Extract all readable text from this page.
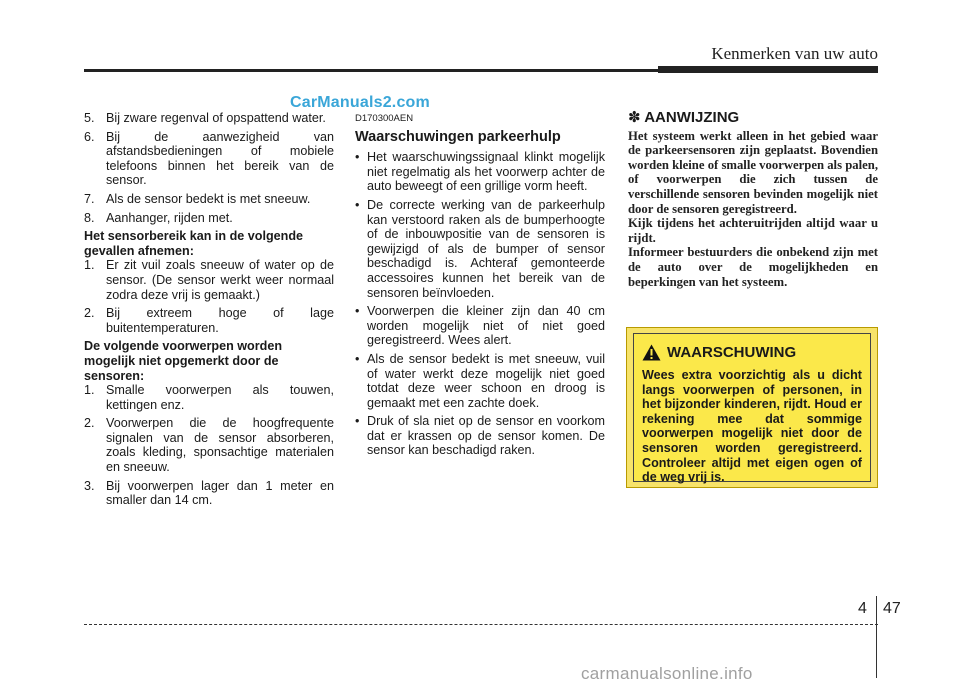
Kenmerken van uw auto
CarManuals2.com
5. Bij zware regenval of opspattend water.
6. Bij de aanwezigheid van afstandsbedieningen of mobiele telefoons binnen het bereik van de sensor.
7. Als de sensor bedekt is met sneeuw.
8. Aanhanger, rijden met.

Het sensorbereik kan in de volgende gevallen afnemen:

1. Er zit vuil zoals sneeuw of water op de sensor. (De sensor werkt weer normaal zodra deze vrij is gemaakt.)
2. Bij extreem hoge of lage buitentemperaturen.

De volgende voorwerpen worden mogelijk niet opgemerkt door de sensoren:

1. Smalle voorwerpen als touwen, kettingen enz.
2. Voorwerpen die de hoogfrequente signalen van de sensor absorberen, zoals kleding, sponsachtige materialen en sneeuw.
3. Bij voorwerpen lager dan 1 meter en smaller dan 14 cm.
D170300AEN
Waarschuwingen parkeerhulp
• Het waarschuwingssignaal klinkt mogelijk niet regelmatig als het voorwerp achter de auto beweegt of een grillige vorm heeft.
• De correcte werking van de parkeerhulp kan verstoord raken als de bumperhoogte of de inbouwpositie van de sensoren is gewijzigd of als de bumper of sensor beschadigd is. Achteraf gemonteerde accessoires kunnen het bereik van de sensoren beïnvloeden.
• Voorwerpen die kleiner zijn dan 40 cm worden mogelijk niet of niet goed geregistreerd. Wees alert.
• Als de sensor bedekt is met sneeuw, vuil of water werkt deze mogelijk niet goed totdat deze weer schoon en droog is gemaakt met een zachte doek.
• Druk of sla niet op de sensor en voorkom dat er krassen op de sensor komen. De sensor kan beschadigd raken.
✽ AANWIJZING

Het systeem werkt alleen in het gebied waar de parkeersensoren zijn geplaatst. Bovendien worden kleine of smalle voorwerpen als palen, of voorwerpen die zich tussen de verschillende sensoren bevinden mogelijk niet door de sensoren geregistreerd.

Kijk tijdens het achteruitrijden altijd waar u rijdt.

Informeer bestuurders die onbekend zijn met de auto over de mogelijkheden en beperkingen van het systeem.

WAARSCHUWING
Wees extra voorzichtig als u dicht langs voorwerpen of personen, in het bijzonder kinderen, rijdt. Houd er rekening mee dat sommige voorwerpen mogelijk niet door de sensoren worden geregistreerd. Controleer altijd met eigen ogen of de weg vrij is.
4 47
carmanualsonline.info
